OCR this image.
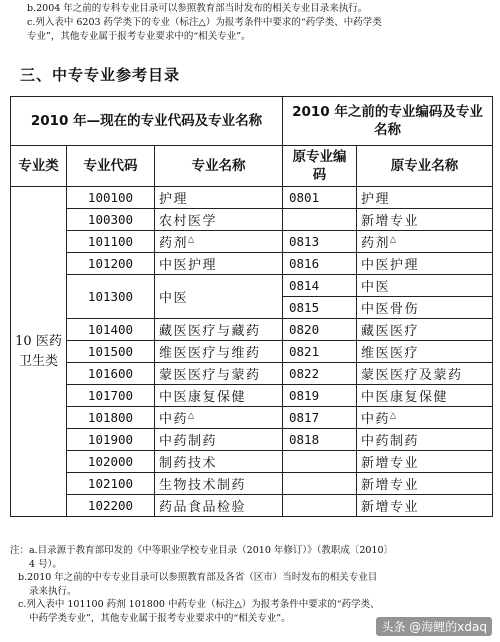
b.2004 年之前的专科专业目录可以参照教育部当时发布的相关专业目录来执行。

c.列入表中 6203 药学类下的专业（标注△）为报考条件中要求的“药学类、中药学类

专业”，其他专业属于报考专业要求中的“相关专业”。

三、中专专业参考目录
2010 年—现在的专业代码及专业名称			2010 年之前的专业编码及专业名称	
专业类	专业代码	专业名称	原专业编码	原专业名称
10 医药卫生类	100100	护理	0801	护理
	100300	农村医学		新增专业
	101100	药剂△	0813	药剂△
	101200	中医护理	0816	中医护理
	101300	中医	0814	中医
			0815	中医骨伤
	101400	藏医医疗与藏药	0820	藏医医疗
	101500	维医医疗与维药	0821	维医医疗
	101600	蒙医医疗与蒙药	0822	蒙医医疗及蒙药
	101700	中医康复保健	0819	中医康复保健
	101800	中药△	0817	中药△
	101900	中药制药	0818	中药制药
	102000	制药技术		新增专业
	102100	生物技术制药		新增专业
	102200	药品食品检验		新增专业

注：a.目录源于教育部印发的《中等职业学校专业目录（2010 年修订）》（教职成〔2010〕

4 号）。

b.2010 年之前的中专专业目录可以参照教育部及各省（区市）当时发布的相关专业目

录来执行。

c.列入表中 101100 药剂 101800 中药专业（标注△）为报考条件中要求的“药学类、

中药学类专业”，其他专业属于报考专业要求中的“相关专业”。

头条 @海鲤的xdaq
